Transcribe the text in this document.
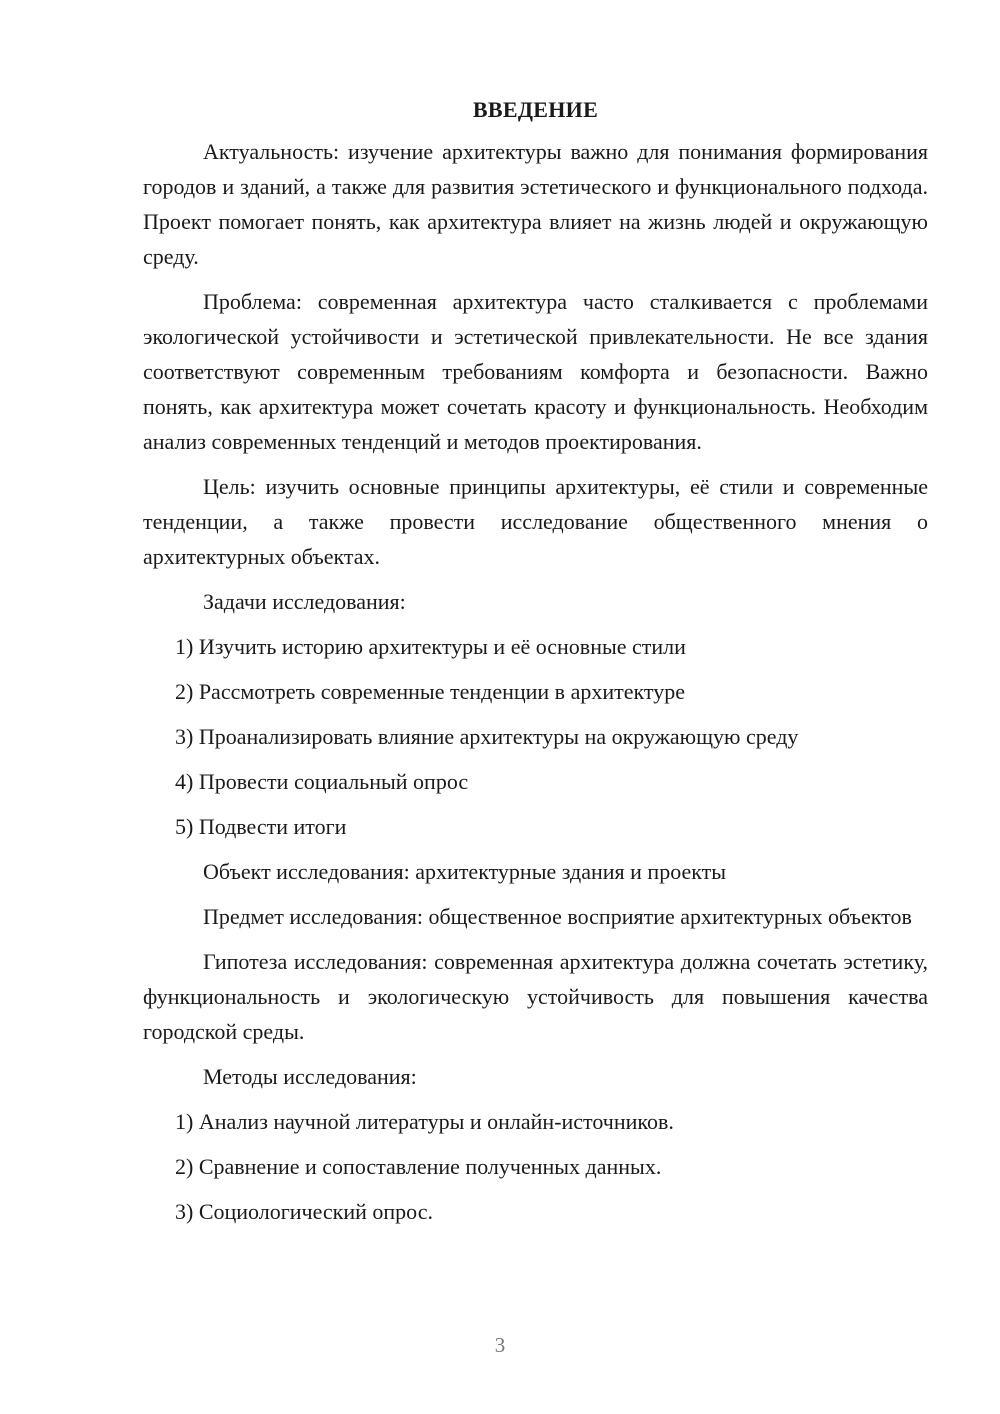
ВВЕДЕНИЕ

Актуальность: изучение архитектуры важно для понимания формирования городов и зданий, а также для развития эстетического и функционального подхода. Проект помогает понять, как архитектура влияет на жизнь людей и окружающую среду.

Проблема: современная архитектура часто сталкивается с проблемами экологической устойчивости и эстетической привлекательности. Не все здания соответствуют современным требованиям комфорта и безопасности. Важно понять, как архитектура может сочетать красоту и функциональность. Необходим анализ современных тенденций и методов проектирования.

Цель: изучить основные принципы архитектуры, её стили и современные тенденции, а также провести исследование общественного мнения о архитектурных объектах.

Задачи исследования:
1) Изучить историю архитектуры и её основные стили
2) Рассмотреть современные тенденции в архитектуре
3) Проанализировать влияние архитектуры на окружающую среду
4) Провести социальный опрос
5) Подвести итоги
Объект исследования: архитектурные здания и проекты

Предмет исследования: общественное восприятие архитектурных объектов

Гипотеза исследования: современная архитектура должна сочетать эстетику, функциональность и экологическую устойчивость для повышения качества городской среды.

Методы исследования:
1) Анализ научной литературы и онлайн-источников.
2) Сравнение и сопоставление полученных данных.
3) Социологический опрос.
3
